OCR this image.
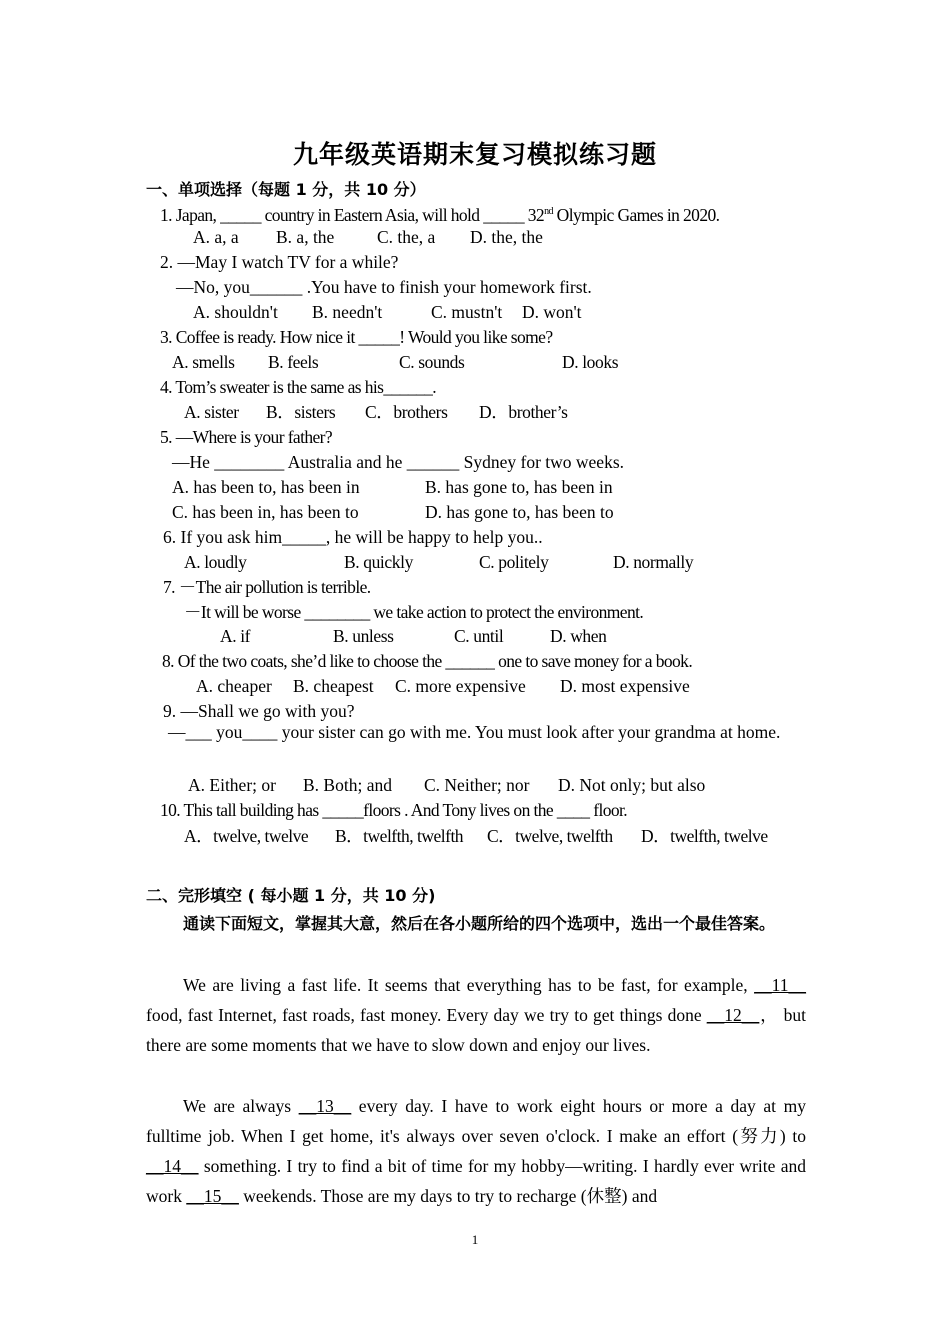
九年级英语期末复习模拟练习题
一、单项选择（每题 1 分，共 10 分）
1. Japan, _____ country in Eastern Asia, will hold _____ 32nd Olympic Games in 2020.
A. a, a B. a, the C. the, a D. the, the
2. —May I watch TV for a while?
—No, you______ .You have to finish your homework first.
A. shouldn't B. needn't	C. mustn't D. won't
3. Coffee is ready. How nice it _____! Would you like some?
A. smells B. feels	C. sounds	D. looks
4. Tom’s sweater is the same as his______.
A. sister B．sisters C．brothers D．brother’s
5. —Where is your father?
—He ________ Australia and he ______ Sydney for two weeks.
A. has been to, has been in	B. has gone to, has been in
C. has been in, has been to	D. has gone to, has been to
6. If you ask him_____, he will be happy to help you..
A. loudly	B. quickly	C. politely	D. normally
7. －The air pollution is terrible.
－It will be worse ________ we take action to protect the environment.
A. if	B. unless	C. until	D. when
8. Of the two coats, she’d like to choose the ______ one to save money for a book.
A. cheaper B. cheapest C. more expensive D. most expensive
9. —Shall we go with you?
—___ you____ your sister can go with me. You must look after your grandma at home.
A. Either; or B. Both; and C. Neither; nor D. Not only; but also
10. This tall building has _____floors . And Tony lives on the ____ floor.
A．twelve, twelve B．twelfth, twelfth C．twelve, twelfth D．twelfth, twelve
二、完形填空 ( 每小题 1 分，共 10 分)
通读下面短文，掌握其大意，然后在各小题所给的四个选项中，选出一个最佳答案。
We are living a fast life. It seems that everything has to be fast, for example, __11__ food, fast Internet, fast roads, fast money. Every day we try to get things done __12__， but there are some moments that we have to slow down and enjoy our lives.
We are always __13__ every day. I have to work eight hours or more a day at my fulltime job. When I get home, it's always over seven o'clock. I make an effort (努力) to __14__ something. I try to find a bit of time for my hobby—writing. I hardly ever write and work __15__ weekends. Those are my days to try to recharge (休整) and
1
